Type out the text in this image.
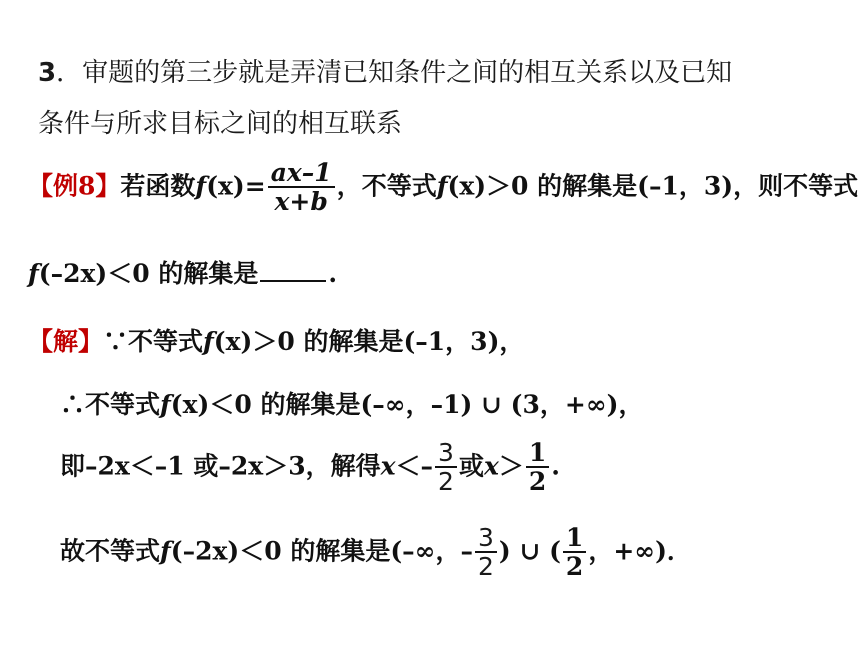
3．审题的第三步就是弄清已知条件之间的相互关系以及已知
条件与所求目标之间的相互联系
【例8】若函数$f(x)= \frac{ax-1}{x+b}$ ，不等式f(x)＞0 的解集是(–1，3)，则不等式
f(–2x)＜0 的解集是	.
【解】∵不等式f(x)＞0 的解集是(–1，3)，
∴不等式f(x)＜0 的解集是(–∞，–1) ∪ (3，+∞)，
即–2x＜–1 或–2x＞3，解得$x<- \frac{3}{2}$ 或$x> \frac{1}{2}$ .
故不等式f(–2x)＜0 的解集是(–∞，– $\frac{3}{2}$ ) ∪ ( $\frac{1}{2}$ ，+∞)．
